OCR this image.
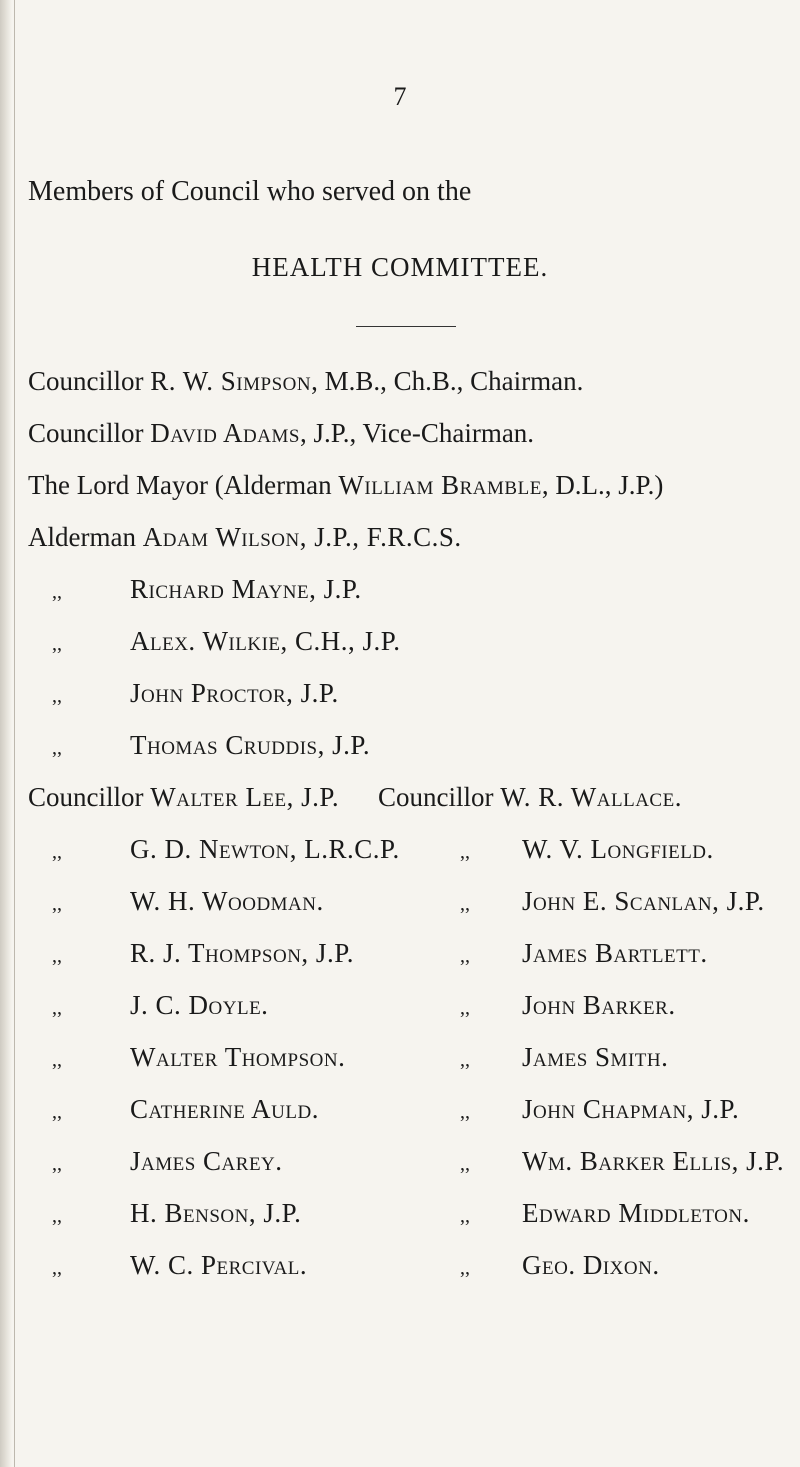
7
Members of Council who served on the
HEALTH COMMITTEE.
Councillor R. W. Simpson, M.B., Ch.B., Chairman.
Councillor David Adams, J.P., Vice-Chairman.
The Lord Mayor (Alderman William Bramble, D.L., J.P.)
Alderman Adam Wilson, J.P., F.R.C.S.
,,	Richard Mayne, J.P.
,,	Alex. Wilkie, C.H., J.P.
,,	John Proctor, J.P.
,,	Thomas Cruddis, J.P.
Councillor Walter Lee, J.P. Councillor W. R. Wallace.
,,	G. D. Newton, L.R.C.P.	,, W. V. Longfield.
,,	W. H. Woodman.	,, John E. Scanlan, J.P.
,,	R. J. Thompson, J.P.	,, James Bartlett.
,,	J. C. Doyle.	,, John Barker.
,,	Walter Thompson.	,, James Smith.
,,	Catherine Auld.	,, John Chapman, J.P.
,,	James Carey.	,, Wm. Barker Ellis, J.P.
,,	H. Benson, J.P.	,, Edward Middleton.
,,	W. C. Percival.	,, Geo. Dixon.
